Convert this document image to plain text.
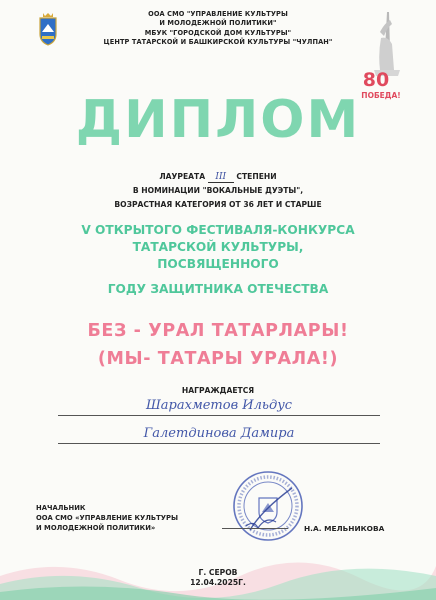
ООА СМО "УПРАВЛЕНИЕ КУЛЬТУРЫ
И МОЛОДЕЖНОЙ ПОЛИТИКИ"
МБУК "ГОРОДСКОЙ ДОМ КУЛЬТУРЫ"
ЦЕНТР ТАТАРСКОЙ И БАШКИРСКОЙ КУЛЬТУРЫ "ЧУЛПАН"
80
ПОБЕДА!
ДИПЛОМ
ЛАУРЕАТА III СТЕПЕНИ
В НОМИНАЦИИ "ВОКАЛЬНЫЕ ДУЭТЫ",
ВОЗРАСТНАЯ КАТЕГОРИЯ ОТ 36 ЛЕТ И СТАРШЕ
V ОТКРЫТОГО ФЕСТИВАЛЯ-КОНКУРСА
ТАТАРСКОЙ КУЛЬТУРЫ,
ПОСВЯЩЕННОГО
ГОДУ ЗАЩИТНИКА ОТЕЧЕСТВА
БЕЗ - УРАЛ ТАТАРЛАРЫ!
(МЫ- ТАТАРЫ УРАЛА!)
НАГРАЖДАЕТСЯ
Шарахметов Ильдус
Галетдинова Дамира
НАЧАЛЬНИК
ООА СМО «УПРАВЛЕНИЕ КУЛЬТУРЫ
И МОЛОДЕЖНОЙ ПОЛИТИКИ»	Н.А. МЕЛЬНИКОВА
Г. СЕРОВ
12.04.2025Г.
